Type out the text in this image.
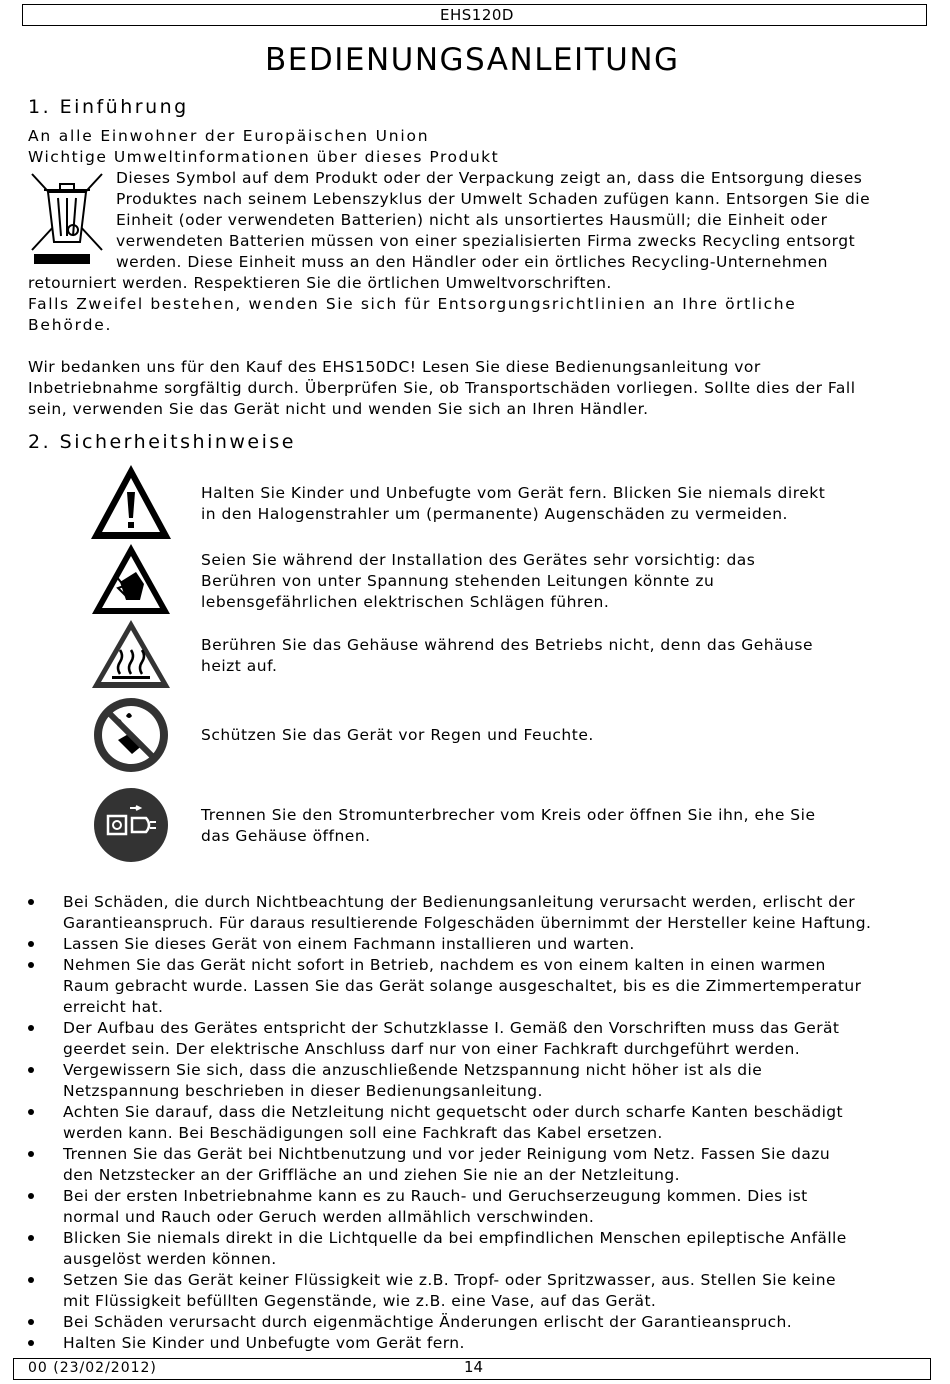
EHS120D
BEDIENUNGSANLEITUNG
1. Einführung
An alle Einwohner der Europäischen Union
Wichtige Umweltinformationen über dieses Produkt
Dieses Symbol auf dem Produkt oder der Verpackung zeigt an, dass die Entsorgung dieses
Produktes nach seinem Lebenszyklus der Umwelt Schaden zufügen kann. Entsorgen Sie die
Einheit (oder verwendeten Batterien) nicht als unsortiertes Hausmüll; die Einheit oder
verwendeten Batterien müssen von einer spezialisierten Firma zwecks Recycling entsorgt
werden. Diese Einheit muss an den Händler oder ein örtliches Recycling-Unternehmen
retourniert werden. Respektieren Sie die örtlichen Umweltvorschriften.
Falls Zweifel bestehen, wenden Sie sich für Entsorgungsrichtlinien an Ihre örtliche
Behörde.
Wir bedanken uns für den Kauf des EHS150DC! Lesen Sie diese Bedienungsanleitung vor
Inbetriebnahme sorgfältig durch. Überprüfen Sie, ob Transportschäden vorliegen. Sollte dies der Fall
sein, verwenden Sie das Gerät nicht und wenden Sie sich an Ihren Händler.
2. Sicherheitshinweise
Halten Sie Kinder und Unbefugte vom Gerät fern. Blicken Sie niemals direkt
in den Halogenstrahler um (permanente) Augenschäden zu vermeiden.
Seien Sie während der Installation des Gerätes sehr vorsichtig: das
Berühren von unter Spannung stehenden Leitungen könnte zu
lebensgefährlichen elektrischen Schlägen führen.
Berühren Sie das Gehäuse während des Betriebs nicht, denn das Gehäuse
heizt auf.
Schützen Sie das Gerät vor Regen und Feuchte.
Trennen Sie den Stromunterbrecher vom Kreis oder öffnen Sie ihn, ehe Sie
das Gehäuse öffnen.
Bei Schäden, die durch Nichtbeachtung der Bedienungsanleitung verursacht werden, erlischt der
Garantieanspruch. Für daraus resultierende Folgeschäden übernimmt der Hersteller keine Haftung.
Lassen Sie dieses Gerät von einem Fachmann installieren und warten.
Nehmen Sie das Gerät nicht sofort in Betrieb, nachdem es von einem kalten in einen warmen
Raum gebracht wurde. Lassen Sie das Gerät solange ausgeschaltet, bis es die Zimmertemperatur
erreicht hat.
Der Aufbau des Gerätes entspricht der Schutzklasse I. Gemäß den Vorschriften muss das Gerät
geerdet sein. Der elektrische Anschluss darf nur von einer Fachkraft durchgeführt werden.
Vergewissern Sie sich, dass die anzuschließende Netzspannung nicht höher ist als die
Netzspannung beschrieben in dieser Bedienungsanleitung.
Achten Sie darauf, dass die Netzleitung nicht gequetscht oder durch scharfe Kanten beschädigt
werden kann. Bei Beschädigungen soll eine Fachkraft das Kabel ersetzen.
Trennen Sie das Gerät bei Nichtbenutzung und vor jeder Reinigung vom Netz. Fassen Sie dazu
den Netzstecker an der Griffläche an und ziehen Sie nie an der Netzleitung.
Bei der ersten Inbetriebnahme kann es zu Rauch- und Geruchserzeugung kommen. Dies ist
normal und Rauch oder Geruch werden allmählich verschwinden.
Blicken Sie niemals direkt in die Lichtquelle da bei empfindlichen Menschen epileptische Anfälle
ausgelöst werden können.
Setzen Sie das Gerät keiner Flüssigkeit wie z.B. Tropf- oder Spritzwasser, aus. Stellen Sie keine
mit Flüssigkeit befüllten Gegenstände, wie z.B. eine Vase, auf das Gerät.
Bei Schäden verursacht durch eigenmächtige Änderungen erlischt der Garantieanspruch.
Halten Sie Kinder und Unbefugte vom Gerät fern.
00 (23/02/2012)	14
